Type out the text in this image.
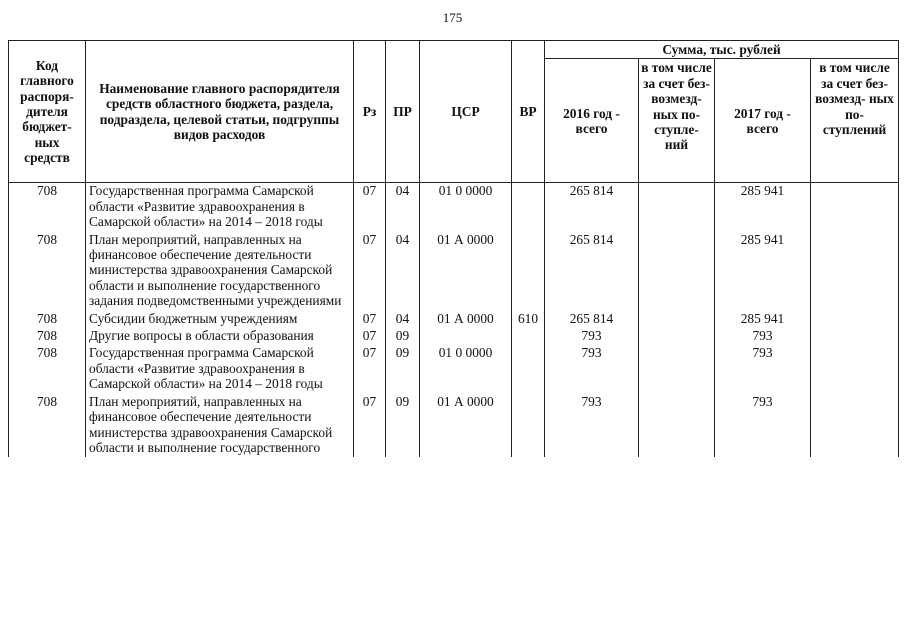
175
Код главного распоря- дителя бюджет- ных средств	Наименование главного распорядителя средств областного бюджета, раздела, подраздела, целевой статьи, подгруппы видов расходов	Рз	ПР	ЦСР	ВР	Сумма, тыс. рублей			
						2016 год - всего	в том числе за счет без- возмезд- ных по- ступле- ний	2017 год - всего	в том числе за счет без- возмезд- ных по- ступлений
708	Государственная программа Самарской области «Развитие здравоохранения в Самарской области» на 2014 – 2018 годы	07	04	01 0 0000		265 814		285 941	
708	План мероприятий, направленных на финансовое обеспечение деятельности министерства здравоохранения Самарской области и выполнение государственного задания подведомственными учреждениями	07	04	01 А 0000		265 814		285 941	
708	Субсидии бюджетным учреждениям	07	04	01 А 0000	610	265 814		285 941	
708	Другие вопросы в области образования	07	09			793		793	
708	Государственная программа Самарской области «Развитие здравоохранения в Самарской области» на 2014 – 2018 годы	07	09	01 0 0000		793		793	
708	План мероприятий, направленных на финансовое обеспечение деятельности министерства здравоохранения Самарской области и выполнение государственного	07	09	01 А 0000		793		793	
